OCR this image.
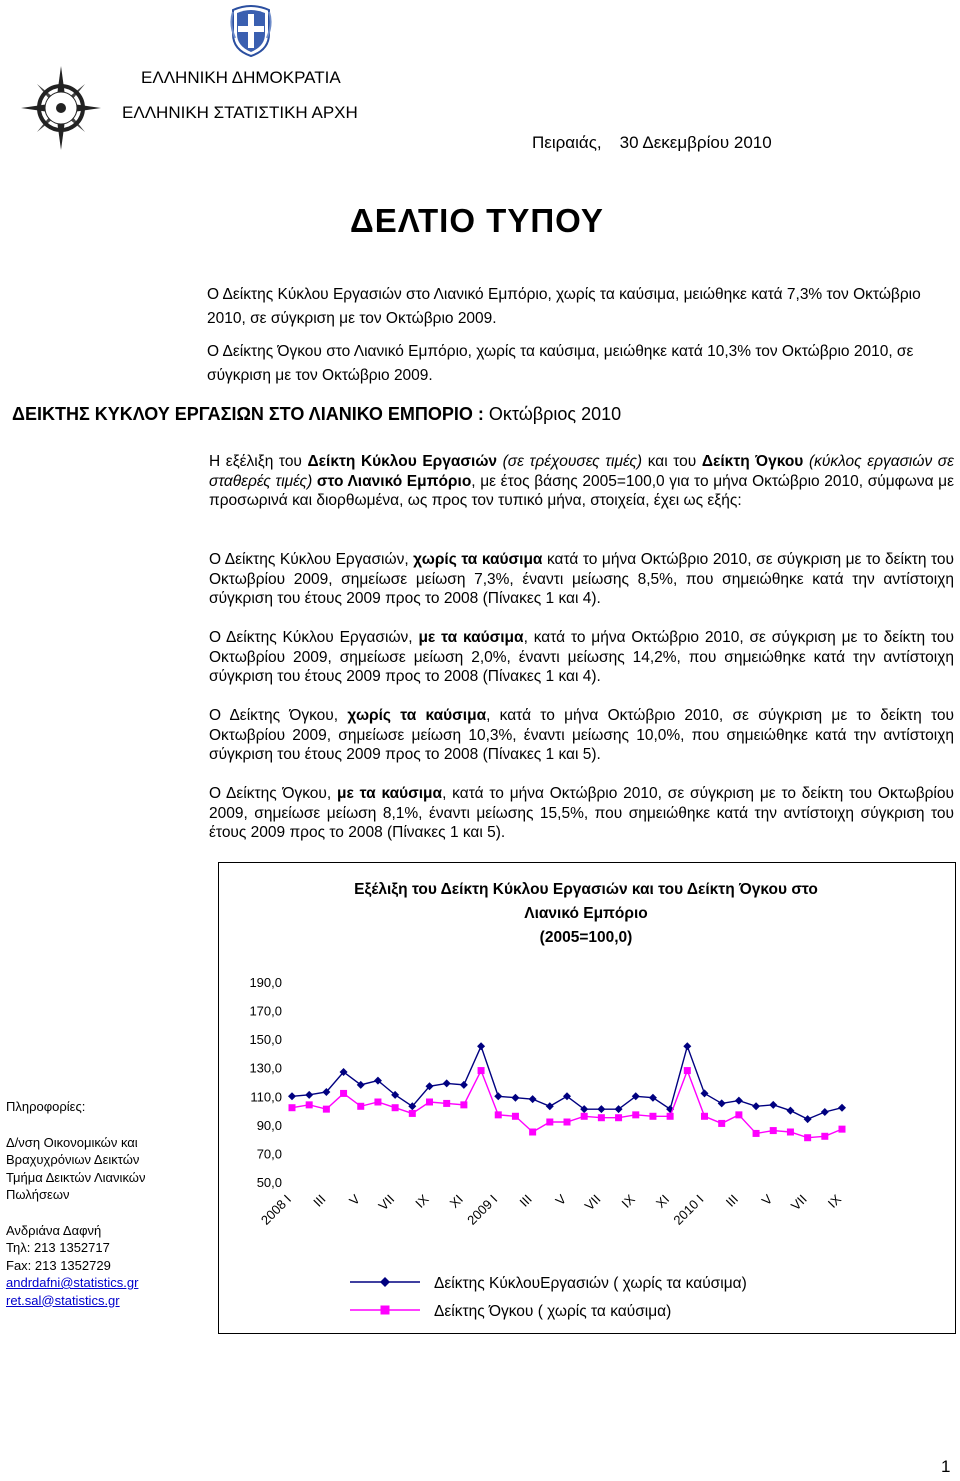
ΕΛΛΗΝΙΚΗ ΔΗΜΟΚΡΑΤΙΑ
ΕΛΛΗΝΙΚΗ ΣΤΑΤΙΣΤΙΚΗ ΑΡΧΗ
Πειραιάς, 30 Δεκεμβρίου 2010
ΔΕΛΤΙΟ ΤΥΠΟΥ
Ο Δείκτης Κύκλου Εργασιών στο Λιανικό Εμπόριο, χωρίς τα καύσιμα, μειώθηκε κατά 7,3% τον Οκτώβριο 2010, σε σύγκριση με τον Οκτώβριο 2009.
Ο Δείκτης Όγκου στο Λιανικό Εμπόριο, χωρίς τα καύσιμα, μειώθηκε κατά 10,3% τον Οκτώβριο 2010, σε σύγκριση με τον Οκτώβριο 2009.
ΔΕΙΚΤΗΣ ΚΥΚΛΟΥ ΕΡΓΑΣΙΩΝ ΣΤΟ ΛΙΑΝΙΚΟ ΕΜΠΟΡΙΟ : Οκτώβριος 2010
Η εξέλιξη του Δείκτη Κύκλου Εργασιών (σε τρέχουσες τιμές) και του Δείκτη Όγκου (κύκλος εργασιών σε σταθερές τιμές) στο Λιανικό Εμπόριο, με έτος βάσης 2005=100,0 για το μήνα Οκτώβριο 2010, σύμφωνα με προσωρινά και διορθωμένα, ως προς τον τυπικό μήνα, στοιχεία, έχει ως εξής:
Ο Δείκτης Κύκλου Εργασιών, χωρίς τα καύσιμα κατά το μήνα Οκτώβριο 2010, σε σύγκριση με το δείκτη του Οκτωβρίου 2009, σημείωσε μείωση 7,3%, έναντι μείωσης 8,5%, που σημειώθηκε κατά την αντίστοιχη σύγκριση του έτους 2009 προς το 2008 (Πίνακες 1 και 4).
Ο Δείκτης Κύκλου Εργασιών, με τα καύσιμα, κατά το μήνα Οκτώβριο 2010, σε σύγκριση με το δείκτη του Οκτωβρίου 2009, σημείωσε μείωση 2,0%, έναντι μείωσης 14,2%, που σημειώθηκε κατά την αντίστοιχη σύγκριση του έτους 2009 προς το 2008 (Πίνακες 1 και 4).
Ο Δείκτης Όγκου, χωρίς τα καύσιμα, κατά το μήνα Οκτώβριο 2010, σε σύγκριση με το δείκτη του Οκτωβρίου 2009, σημείωσε μείωση 10,3%, έναντι μείωσης 10,0%, που σημειώθηκε κατά την αντίστοιχη σύγκριση του έτους 2009 προς το 2008 (Πίνακες 1 και 5).
Ο Δείκτης Όγκου, με τα καύσιμα, κατά το μήνα Οκτώβριο 2010, σε σύγκριση με το δείκτη του Οκτωβρίου 2009, σημείωσε μείωση 8,1%, έναντι μείωσης 15,5%, που σημειώθηκε κατά την αντίστοιχη σύγκριση του έτους 2009 προς το 2008 (Πίνακες 1 και 5).
Πληροφορίες:
Δ/νση Οικονομικών και Βραχυχρόνιων Δεικτών
Τμήμα Δεικτών Λιανικών Πωλήσεων
Ανδριάνα Δαφνή
Τηλ: 213 1352717
Fax: 213 1352729
andrdafni@statistics.gr
ret.sal@statistics.gr
Εξέλιξη του Δείκτη Κύκλου Εργασιών και του Δείκτη Όγκου στο
Λιανικό Εμπόριο
(2005=100,0)
190,0
170,0
150,0
130,0
110,0
90,0
70,0
50,0
2008 I III V VII IX XI
2009 I III V VII IX XI
2010 I III V VII IX
Δείκτης ΚύκλουΕργασιών ( χωρίς τα καύσιμα)
Δείκτης Όγκου ( χωρίς τα καύσιμα)
1
